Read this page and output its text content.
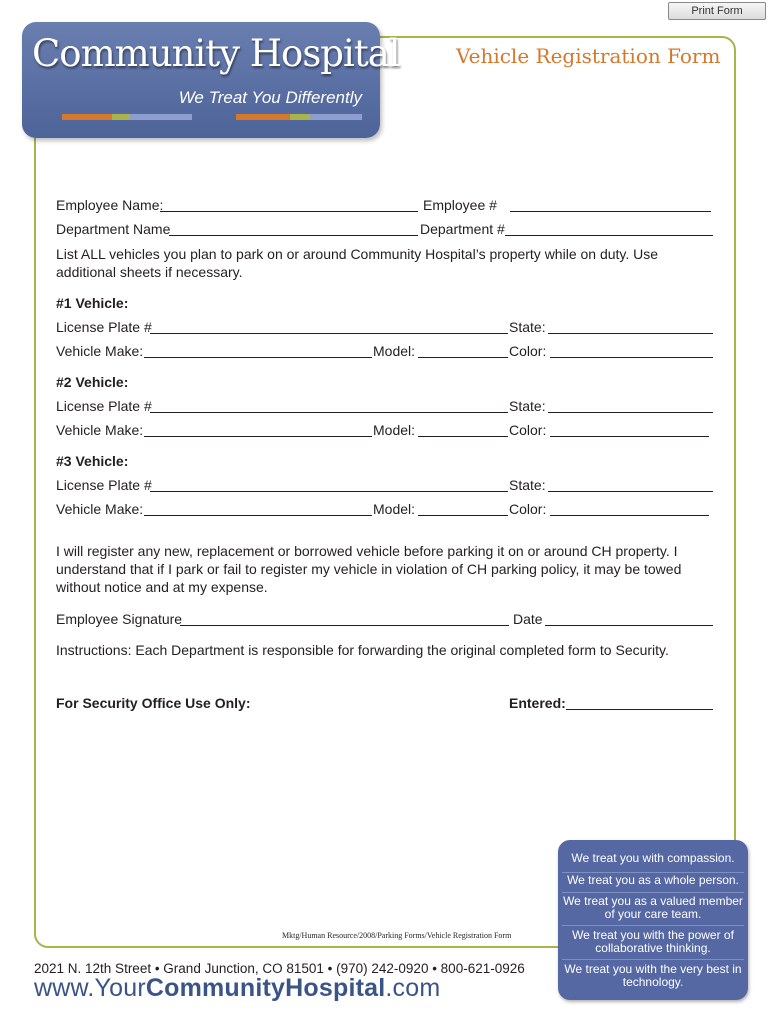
Print Form
Community Hospital
We Treat You Differently
Vehicle Registration Form
Employee Name:	Employee #
Department Name	Department #
List ALL vehicles you plan to park on or around Community Hospital’s property while on duty. Use additional sheets if necessary.
#1 Vehicle:
License Plate #	State:
Vehicle Make:	Model:	Color:
#2 Vehicle:
License Plate #	State:
Vehicle Make:	Model:	Color:
#3 Vehicle:
License Plate #	State:
Vehicle Make:	Model:	Color:
I will register any new, replacement or borrowed vehicle before parking it on or around CH property. I understand that if I park or fail to register my vehicle in violation of CH parking policy, it may be towed without notice and at my expense.
Employee Signature	Date
Instructions: Each Department is responsible for forwarding the original completed form to Security.
For Security Office Use Only:	Entered:
Mktg/Human Resource/2008/Parking Forms/Vehicle Registration Form
2021 N. 12th Street • Grand Junction, CO 81501 • (970) 242-0920 • 800-621-0926
www.YourCommunityHospital.com
We treat you with compassion.
We treat you as a whole person.
We treat you as a valued member of your care team.
We treat you with the power of collaborative thinking.
We treat you with the very best in technology.
